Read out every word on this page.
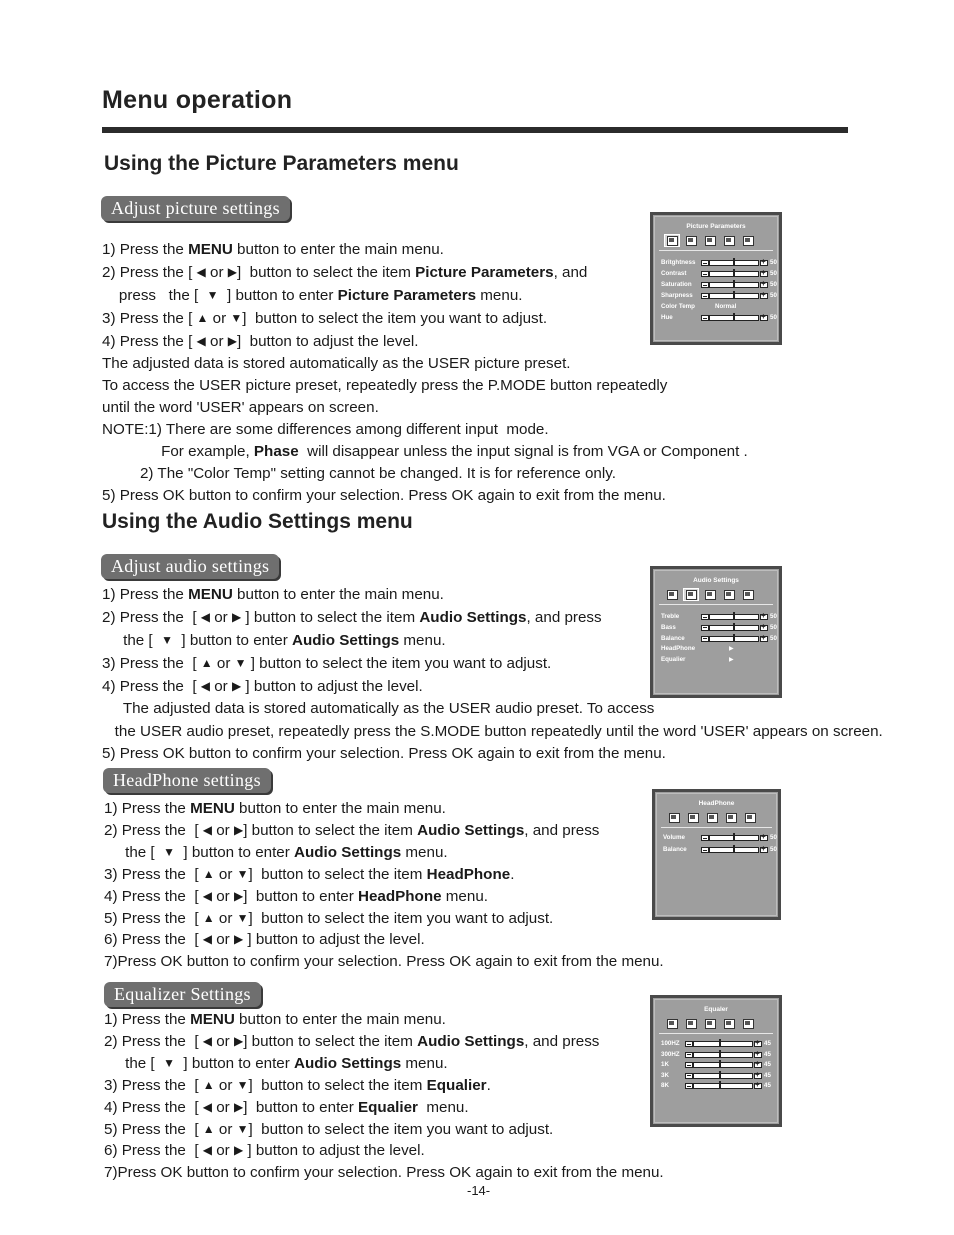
Menu operation
Using the Picture Parameters menu
Adjust picture settings
1) Press the MENU button to enter the main menu.
2) Press the [ ◀ or ▶]  button to select the item Picture Parameters, and
press   the [  ▼  ] button to enter Picture Parameters menu.
3) Press the [ ▲ or ▼]  button to select the item you want to adjust.
4) Press the [ ◀ or ▶]  button to adjust the level.
The adjusted data is stored automatically as the USER picture preset.
To access the USER picture preset, repeatedly press the P.MODE button repeatedly
until the word 'USER' appears on screen.
NOTE:1) There are some differences among different input  mode.
For example, Phase  will disappear unless the input signal is from VGA or Component .
2) The "Color Temp" setting cannot be changed. It is for reference only.
5) Press OK button to confirm your selection. Press OK again to exit from the menu.
Picture Parameters
Britghtness +	50
Contrast +	50
Saturation +	50
Sharpness +	50
Color Temp	Normal
Hue +	50
Using the Audio Settings menu
Adjust audio settings
1) Press the MENU button to enter the main menu.
2) Press the  [ ◀ or ▶ ] button to select the item Audio Settings, and press
the [  ▼  ] button to enter Audio Settings menu.
3) Press the  [ ▲ or ▼ ] button to select the item you want to adjust.
4) Press the  [ ◀ or ▶ ] button to adjust the level.
The adjusted data is stored automatically as the USER audio preset. To access
the USER audio preset, repeatedly press the S.MODE button repeatedly until the word 'USER' appears on screen.
5) Press OK button to confirm your selection. Press OK again to exit from the menu.
Audio Settings
Treble +	50
Bass +	50
Balance +	50
HeadPhone	▶
Equalier	▶
HeadPhone settings
1) Press the MENU button to enter the main menu.
2) Press the  [ ◀ or ▶] button to select the item Audio Settings, and press
the [  ▼  ] button to enter Audio Settings menu.
3) Press the  [ ▲ or ▼]  button to select the item HeadPhone.
4) Press the  [ ◀ or ▶]  button to enter HeadPhone menu.
5) Press the  [ ▲ or ▼]  button to select the item you want to adjust.
6) Press the  [ ◀ or ▶ ] button to adjust the level.
7)Press OK button to confirm your selection. Press OK again to exit from the menu.
HeadPhone
Volume +	50
Balance +	50
Equalizer Settings
1) Press the MENU button to enter the main menu.
2) Press the  [ ◀ or ▶] button to select the item Audio Settings, and press
the [  ▼  ] button to enter Audio Settings menu.
3) Press the  [ ▲ or ▼]  button to select the item Equalier.
4) Press the  [ ◀ or ▶]  button to enter Equalier  menu.
5) Press the  [ ▲ or ▼]  button to select the item you want to adjust.
6) Press the  [ ◀ or ▶ ] button to adjust the level.
7)Press OK button to confirm your selection. Press OK again to exit from the menu.
Equaler
100HZ +	45
300HZ +	45
1K +	45
3K +	45
8K +	45
-14-
